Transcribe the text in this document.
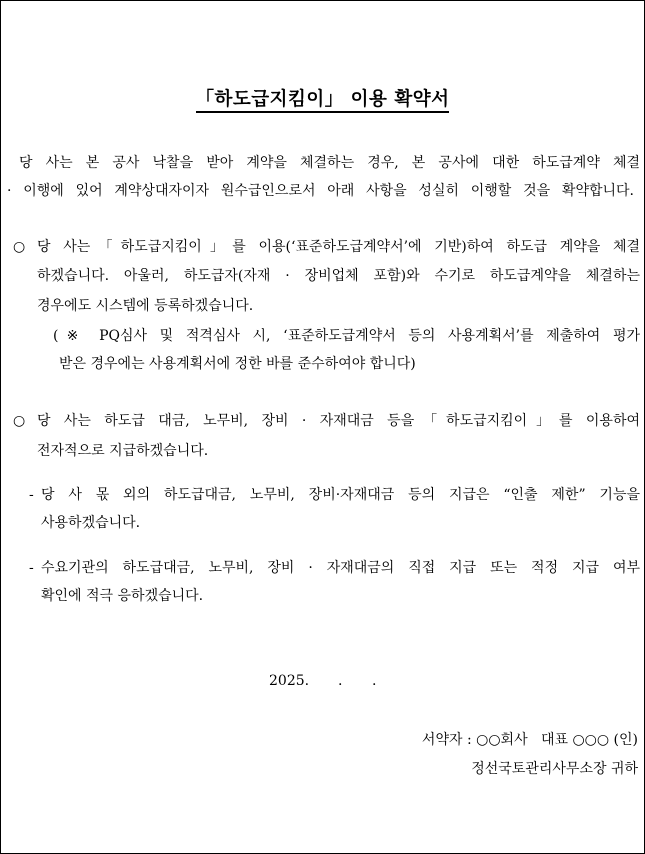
「하도급지킴이」 이용 확약서
당 사는 본 공사 낙찰을 받아 계약을 체결하는 경우, 본 공사에 대한 하도급계약 체결
· 이행에 있어 계약상대자이자 원수급인으로서 아래 사항을 성실히 이행할 것을 확약합니다.
○ 당 사는「하도급지킴이」를 이용(‘표준하도급계약서’에 기반)하여 하도급 계약을 체결
하겠습니다. 아울러, 하도급자(자재 · 장비업체 포함)와 수기로 하도급계약을 체결하는
경우에도 시스템에 등록하겠습니다.
(※ PQ심사 및 적격심사 시, ‘표준하도급계약서 등의 사용계획서’를 제출하여 평가
받은 경우에는 사용계획서에 정한 바를 준수하여야 합니다)
○ 당 사는 하도급 대금, 노무비, 장비 · 자재대금 등을「하도급지킴이」를 이용하여
전자적으로 지급하겠습니다.
- 당 사 몫 외의 하도급대금, 노무비, 장비·자재대금 등의 지급은 “인출 제한” 기능을
사용하겠습니다.
- 수요기관의 하도급대금, 노무비, 장비 · 자재대금의 직접 지급 또는 적정 지급 여부
확인에 적극 응하겠습니다.
2025. . .
서약자 : ○○회사   대표 ○○○ (인)
정선국토관리사무소장 귀하
